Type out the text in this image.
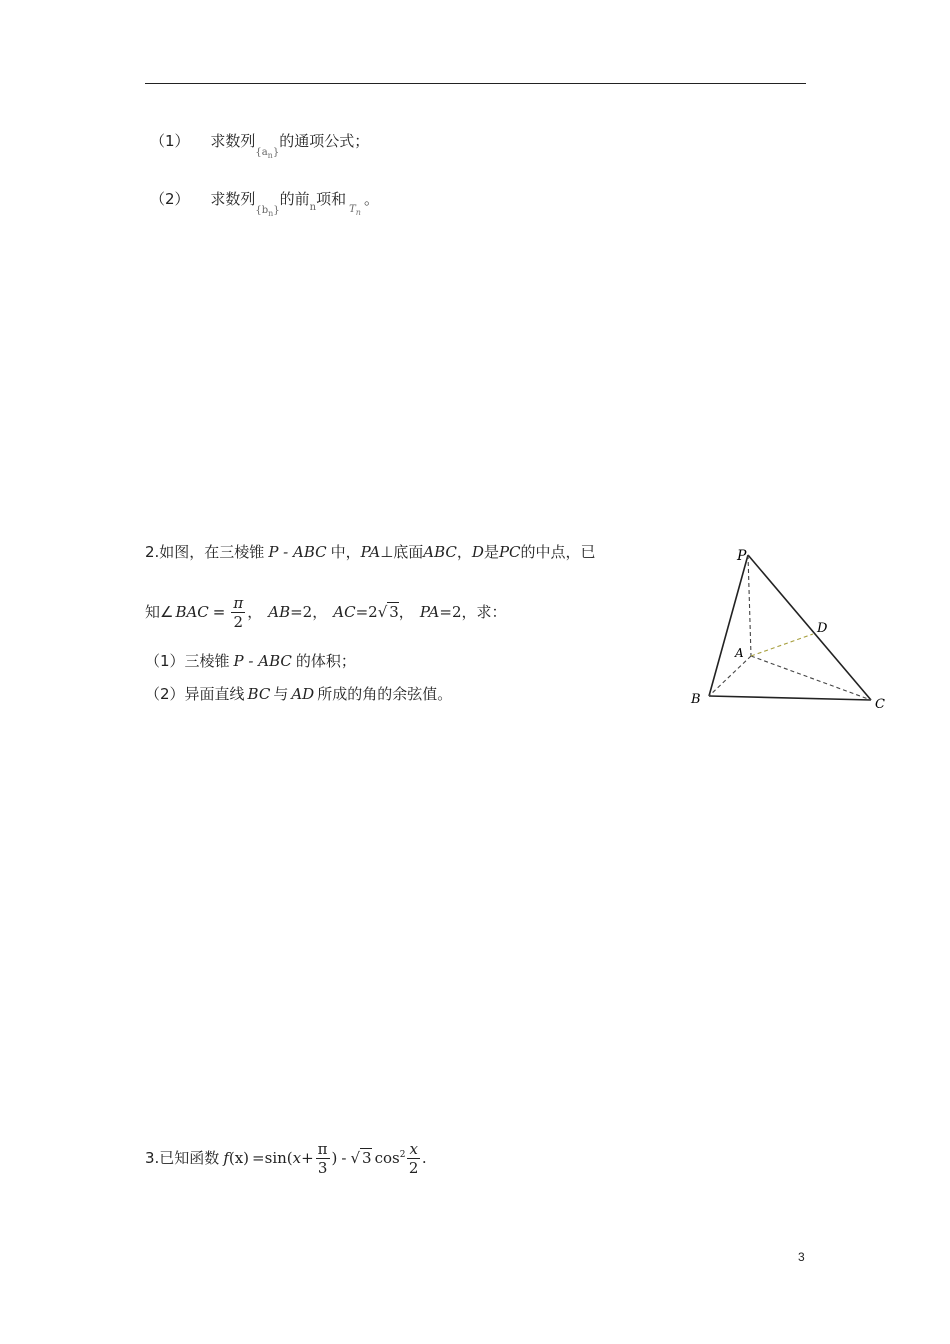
（1） 求数列$_{\{a_n\}}$的通项公式；
（2） 求数列$_{\{b_n\}}$的前$_n$项和$_{T_n}$。
2.如图，在三棱锥 P - ABC 中，PA⊥底面ABC，D是PC的中点，已
知∠ BAC = $\frac{\pi}{2}$ ， AB=2， AC=2√ 3， PA=2，求：
（1）三棱锥 P - ABC 的体积；
（2）异面直线 BC 与 AD 所成的角的余弦值。
P
A
B	C
D
3.已知函数 $f(x) =\sin(x+ \frac{\pi}{3}$ ) - √ 3 $\cos^2 \frac{x}{2}$ .
3
